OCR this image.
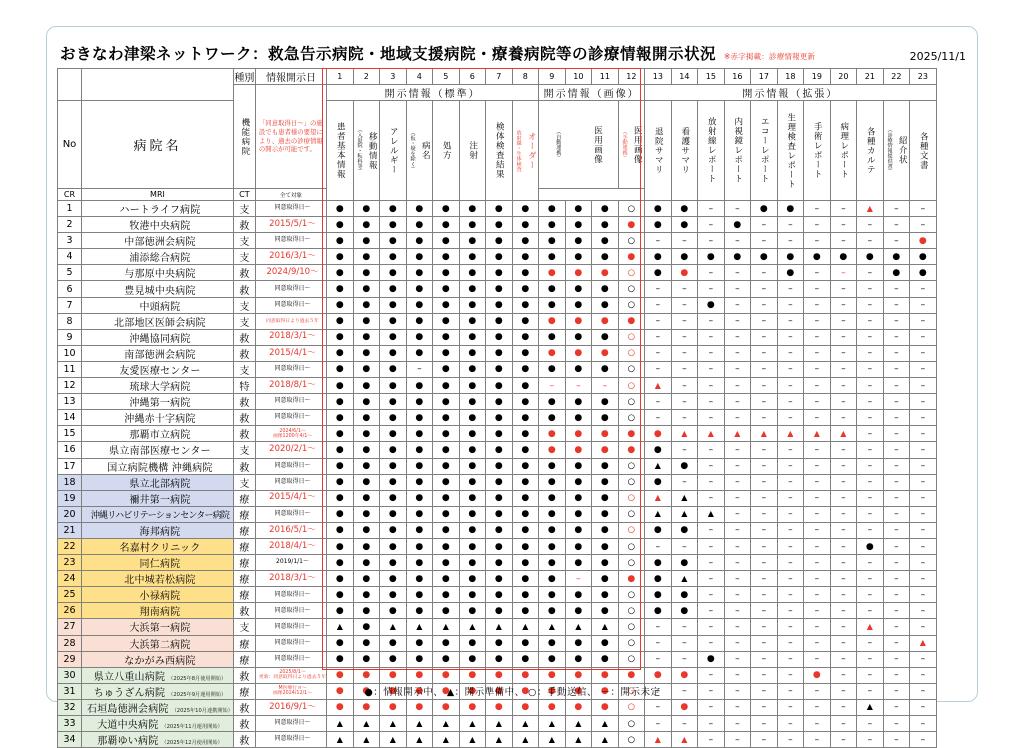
おきなわ津梁ネットワーク：救急告示病院・地域支援病院・療養病院等の診療情報開示状況 ※赤字掲載：診療情報更新	2025/11/1
		種別	情報開示日	1	2	3	4	5	6	7	8	9	10	11	12	13	14	15	16	17	18	19	20	21	22	23

		機能病院	「同意取得日～」の施設でも患者様の要望により、過去の診療情報の開示が可能です。	開示情報（標準）								開示情報（画像）				開示情報（拡張）										
No	病院名			患者基本情報	（入退院・転科等） 移動情報	アレルギー	（仮・疑を除く） 病名	処方	注射	検体検査結果	放射線・生体検査 オーダー	（自動連携） 医用画像			（手動連携） 医用画像	退院サマリ	看護サマリ	放射線レポート	内視鏡レポート	エコーレポート	生理検査レポート	手術レポート	病理レポート	各種カルテ	（診療情報提供書） 紹介状	各種文書

CR	MRI	CT	全て対象																							
1	ハートライフ病院	支	同意取得日～	●	●	●	●	●	●	●	●	●	●	●	○	●	●	–	–	●	●	–	–	▲	–	–
2	牧港中央病院	救	2015/5/1～	●	●	●	●	●	●	●	●	●	●	●	●	●	●	–	●	–	–	–	–	–	–	–
3	中部徳洲会病院	支	同意取得日～	●	●	●	●	●	●	●	●	●	●	●	○	–	–	–	–	–	–	–	–	–	–	●
4	浦添総合病院	支	2016/3/1～	●	●	●	●	●	●	●	●	●	●	●	●	●	●	●	●	●	●	●	●	●	●	●
5	与那原中央病院	救	2024/9/10～	●	●	●	●	●	●	●	●	●	●	●	○	●	●	–	–	–	●	–	–	–	●	●
6	豊見城中央病院	救	同意取得日～	●	●	●	●	●	●	●	●	●	●	●	○	–	–	–	–	–	–	–	–	–	–	–
7	中頭病院	支	同意取得日～	●	●	●	●	●	●	●	●	●	●	●	○	–	–	●	–	–	–	–	–	–	–	–
8	北部地区医師会病院	支	同意取得日より過去５年	●	●	●	●	●	●	●	●	●	●	●	●	–	–	–	–	–	–	–	–	–	–	–
9	沖縄協同病院	救	2018/3/1～	●	●	●	●	●	●	●	●	●	●	●	○	–	–	–	–	–	–	–	–	–	–	–
10	南部徳洲会病院	救	2015/4/1～	●	●	●	●	●	●	●	●	●	●	●	○	–	–	–	–	–	–	–	–	–	–	–
11	友愛医療センター	支	同意取得日～	●	●	●	–	●	●	●	●	●	●	●	○	–	–	–	–	–	–	–	–	–	–	–
12	琉球大学病院	特	2018/8/1～	●	●	●	●	●	●	●	●	–	–	–	○	▲	–	–	–	–	–	–	–	–	–	–
13	沖縄第一病院	救	同意取得日～	●	●	●	●	●	●	●	●	●	●	●	○	–	–	–	–	–	–	–	–	–	–	–
14	沖縄赤十字病院	救	同意取得日～	●	●	●	●	●	●	●	●	●	●	●	○	–	–	–	–	–	–	–	–	–	–	–
15	那覇市立病院	救	2024/6/1～
画像1200年4/1～	●	●	●	●	●	●	●	●	●	●	●	●	●	▲	▲	▲	▲	▲	▲	▲	–	–	–
16	県立南部医療センター	支	2020/2/1～	●	●	●	●	●	●	●	●	●	●	●	●	●	–	–	–	–	–	–	–	–	–	–
17	国立病院機構 沖縄病院	救	同意取得日～	●	●	●	●	●	●	●	●	●	●	●	○	▲	●	–	–	–	–	–	–	–	–	–
18	県立北部病院	支	同意取得日～	●	●	●	●	●	●	●	●	●	●	●	○	●	–	–	–	–	–	–	–	–	–	–
19	禰井第一病院	療	2015/4/1～	●	●	●	●	●	●	●	●	●	●	●	○	▲	▲	–	–	–	–	–	–	–	–	–
20	沖縄リハビリテーションセンター病院	療	同意取得日～	●	●	●	●	●	●	●	●	●	●	●	○	▲	▲	▲	–	–	–	–	–	–	–	–
21	海邦病院	療	2016/5/1～	●	●	●	●	●	●	●	●	●	●	●	○	●	●	–	–	–	–	–	–	–	–	–
22	名嘉村クリニック	療	2018/4/1～	●	●	●	●	●	●	●	●	●	●	●	○	–	–	–	–	–	–	–	–	●	–	–
23	同仁病院	療	2019/1/1～	●	●	●	●	●	●	●	●	●	●	●	○	●	●	–	–	–	–	–	–	–	–	–
24	北中城若松病院	療	2018/3/1～	●	●	●	●	●	●	●	●	●	–	●	●	●	▲	–	–	–	–	–	–	–	–	–
25	小禄病院	療	同意取得日～	●	●	●	●	●	●	●	●	●	●	●	○	●	●	–	–	–	–	–	–	–	–	–
26	翔南病院	救	同意取得日～	●	●	●	●	●	●	●	●	●	●	●	○	●	●	–	–	–	–	–	–	–	–	–
27	大浜第一病院	支	同意取得日～	▲	●	▲	▲	▲	▲	▲	▲	▲	▲	▲	○	–	–	–	–	–	–	–	–	▲	–	–
28	大浜第二病院	療	同意取得日～	●	●	●	●	●	●	●	●	●	●	●	○	–	–	–	–	–	–	–	–	–	–	▲
29	なかがみ西病院	療	同意取得日～	●	●	●	●	●	●	●	●	●	●	●	○	–	–	●	–	–	–	–	–	–	–	–
30	県立八重山病院 （2025年8月使用開始）	救	2025/8/1～
更新：同意取得日より過去５年	●	●	●	●	●	●	●	●	●	●	●	●	●	●	–	–	–	–	●	–	–	–	–
31	ちゅうざん病院 （2025年9月運用開始）	療	M医療行ヨ～
画像2024/12/1～	●	●	●	●	●	●	●	●	●	●	●	○	–	–	–	–	–	–	–	–	–	–	–
32	石垣島徳洲会病院 （2025年10月連携開始）	救	2016/9/1～	●	●	●	●	●	●	●	●	●	●	●	○	–	●	–	–	–	–	–	–	▲	–	–
33	大道中央病院 （2025年11月運用開始）	救	同意取得日～	▲	▲	▲	▲	▲	▲	▲	▲	▲	▲	▲	○	–	–	–	–	–	–	–	–	–	–	–
34	那覇ゆい病院 （2025年12月使用開始）	救	同意取得日～	▲	▲	▲	▲	▲	▲	▲	▲	▲	▲	▲	○	▲	▲	–	–	–	–	–	–	–	–	–
●：情報開示中、 ▲：開示準備中、 ○：手動送信、 －：開示未定
